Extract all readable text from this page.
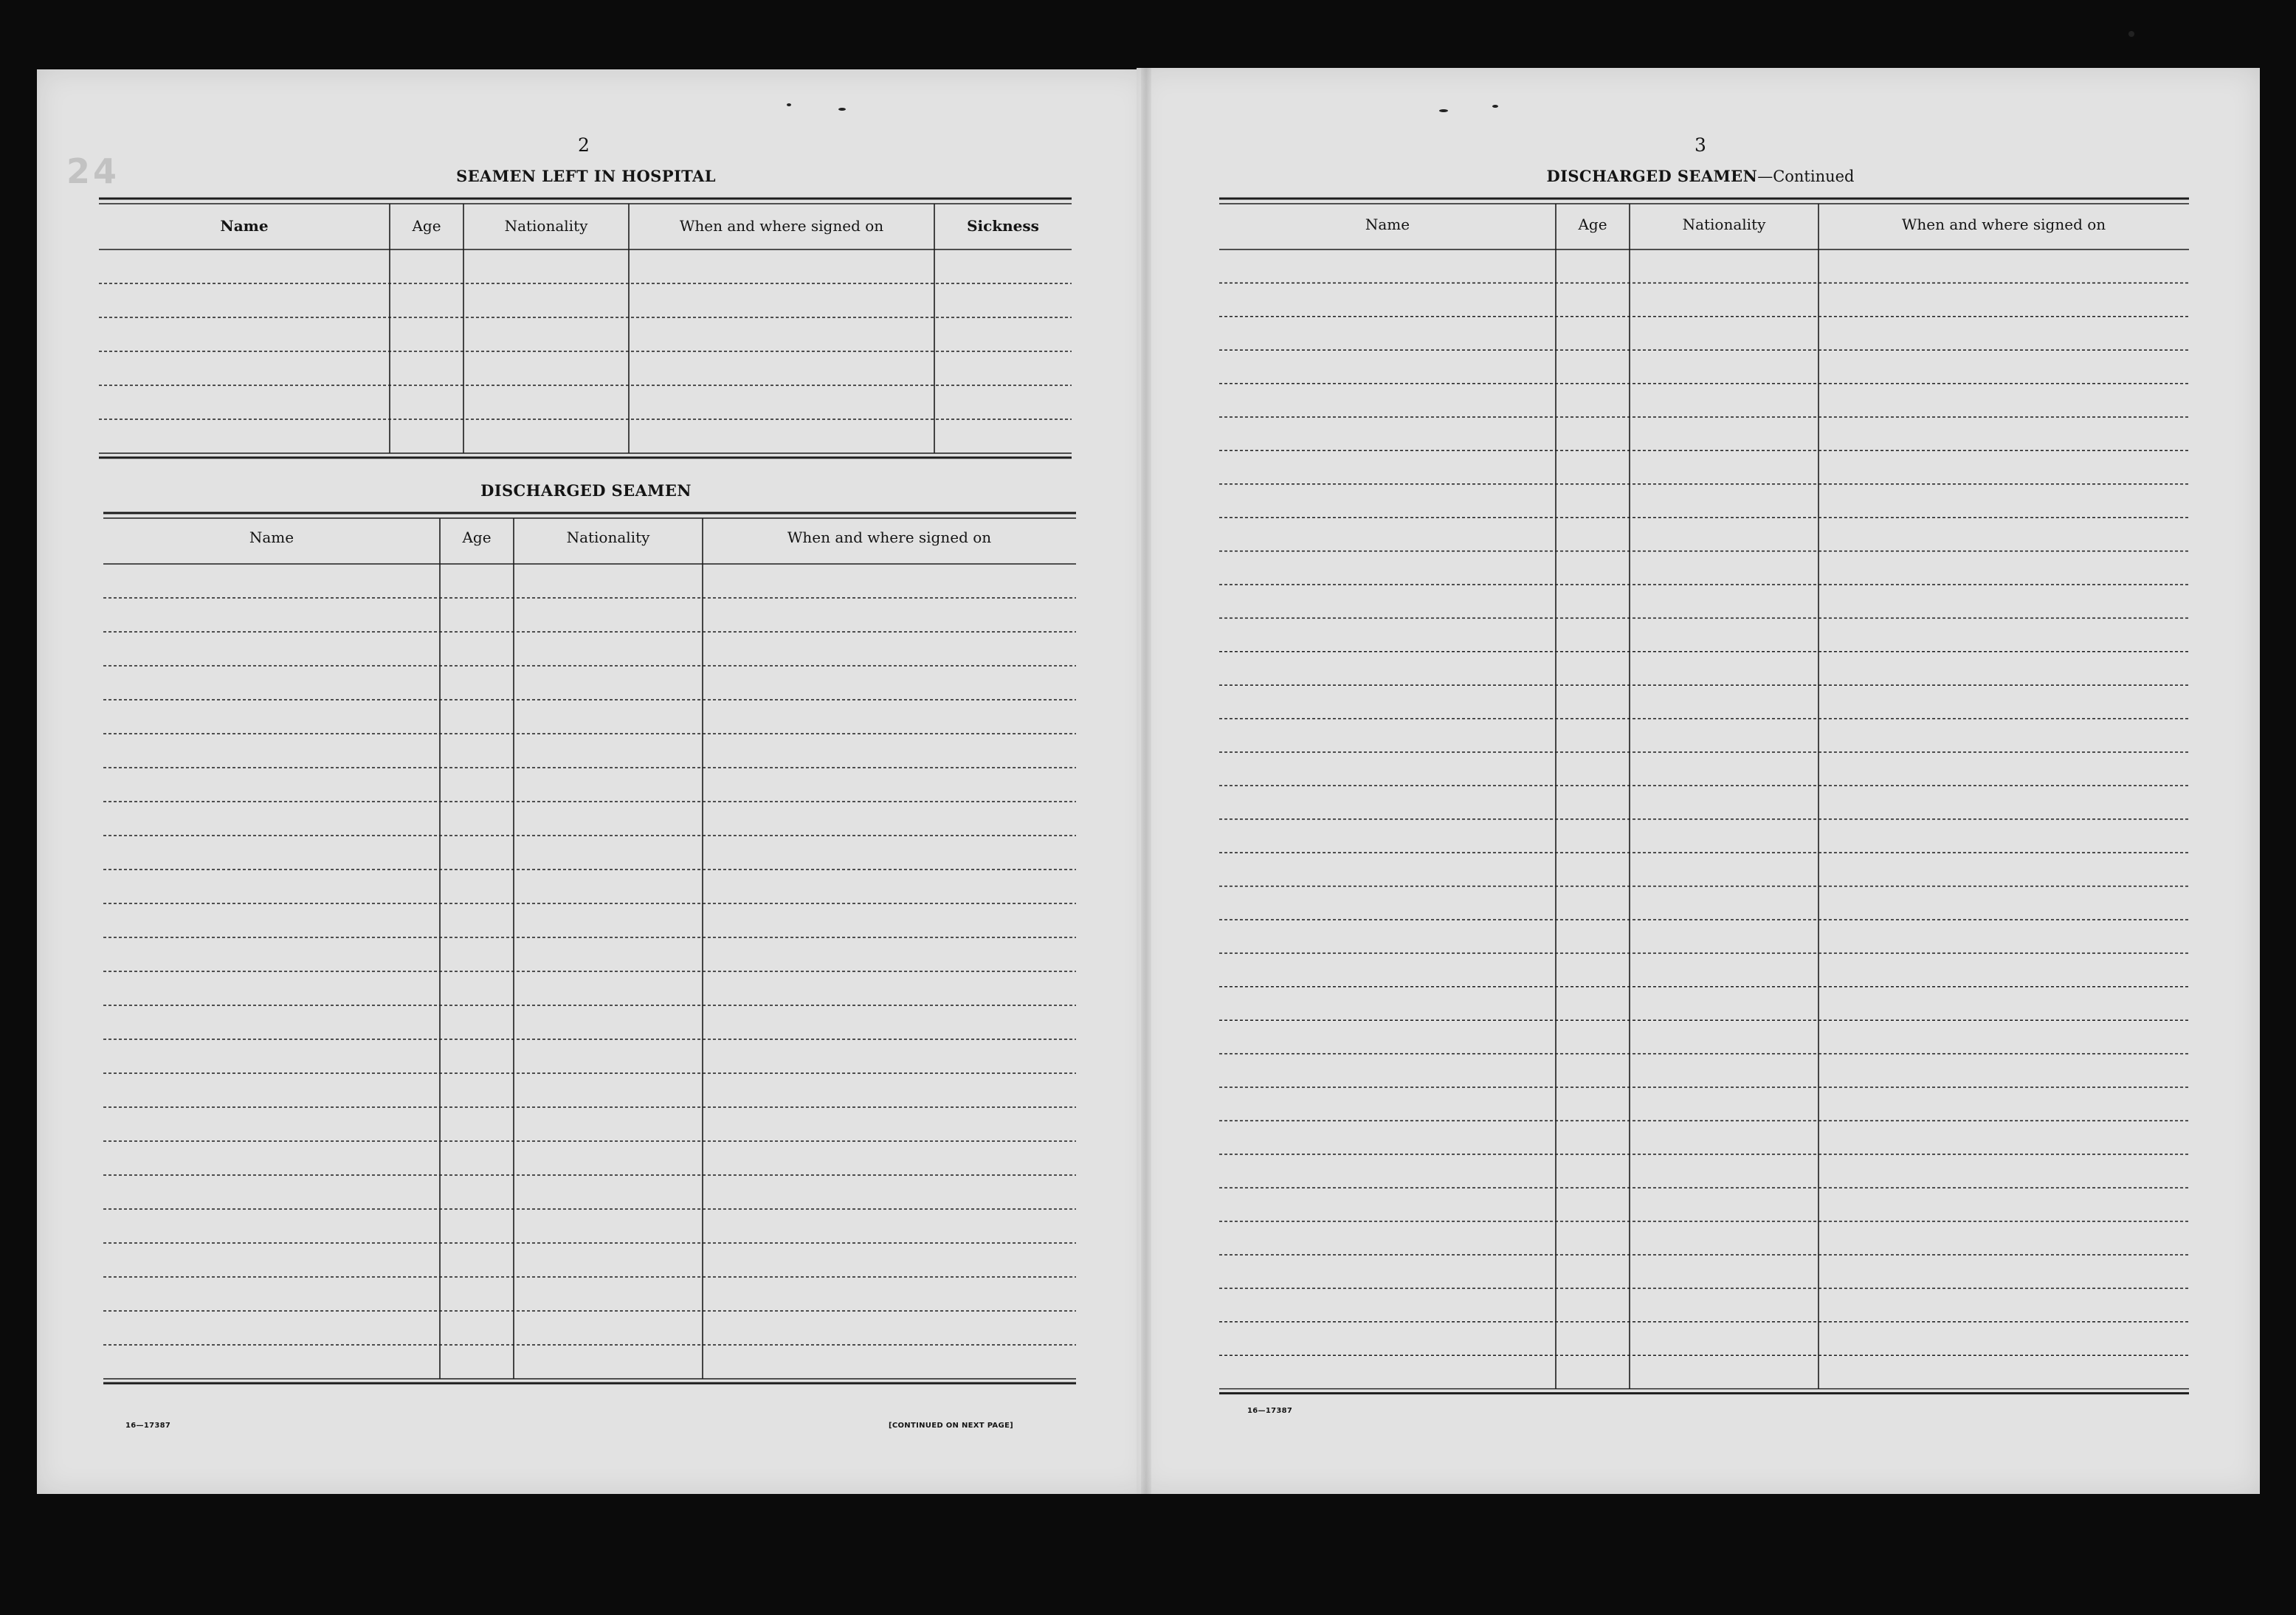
24
2
SEAMEN LEFT IN HOSPITAL
Name	Age	Nationality	When and where signed on	Sickness
DISCHARGED SEAMEN
Name	Age	Nationality	When and where signed on
16—17387	[CONTINUED ON NEXT PAGE]
3
DISCHARGED SEAMEN—Continued
Name	Age	Nationality	When and where signed on
16—17387
